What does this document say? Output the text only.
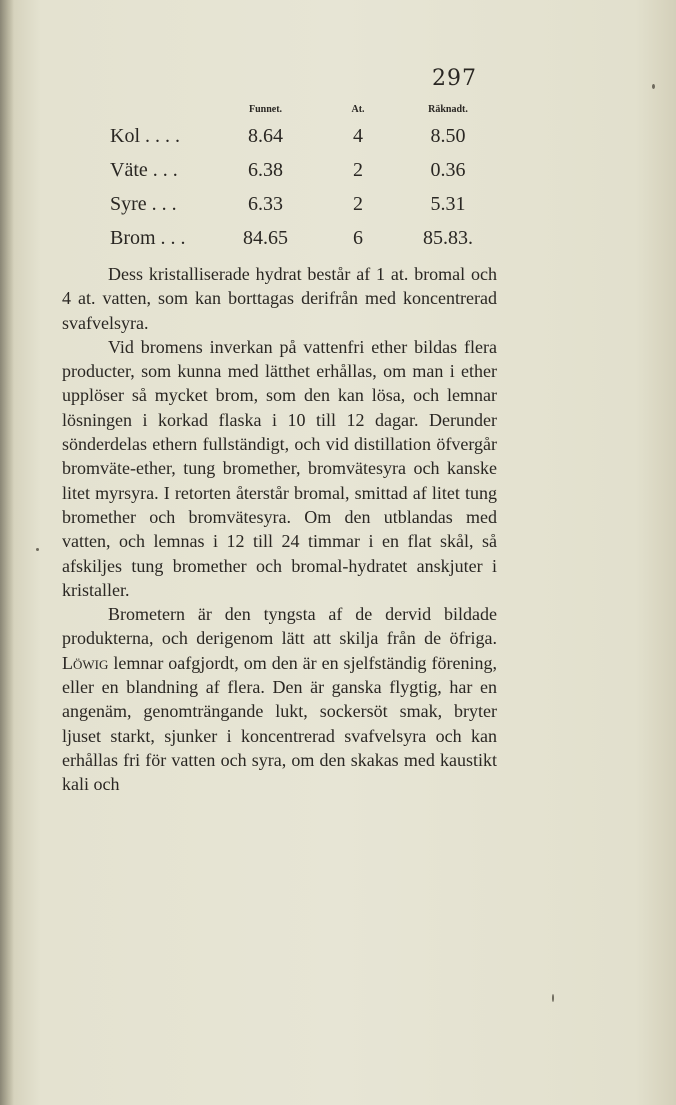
297
	Funnet.	At.	Räknadt.
Kol . . . .	8.64	4	8.50
Väte . . .	6.38	2	0.36
Syre . . .	6.33	2	5.31
Brom . . .	84.65	6	85.83.

Dess kristalliserade hydrat består af 1 at. bromal och 4 at. vatten, som kan borttagas derifrån med koncentrerad svafvelsyra.

Vid bromens inverkan på vattenfri ether bildas flera producter, som kunna med lätthet erhållas, om man i ether upplöser så mycket brom, som den kan lösa, och lemnar lösningen i korkad flaska i 10 till 12 dagar. Derunder sönderdelas ethern fullständigt, och vid distillation öfvergår bromväte-ether, tung bromether, bromvätesyra och kanske litet myrsyra. I retorten återstår bromal, smittad af litet tung bromether och bromvätesyra. Om den utblandas med vatten, och lemnas i 12 till 24 timmar i en flat skål, så afskiljes tung bromether och bromal-hydratet anskjuter i kristaller.

Brometern är den tyngsta af de dervid bildade produkterna, och derigenom lätt att skilja från de öfriga. Löwig lemnar oafgjordt, om den är en sjelfständig förening, eller en blandning af flera. Den är ganska flygtig, har en angenäm, genomträngande lukt, sockersöt smak, bryter ljuset starkt, sjunker i koncentrerad svafvelsyra och kan erhållas fri för vatten och syra, om den skakas med kaustikt kali och
